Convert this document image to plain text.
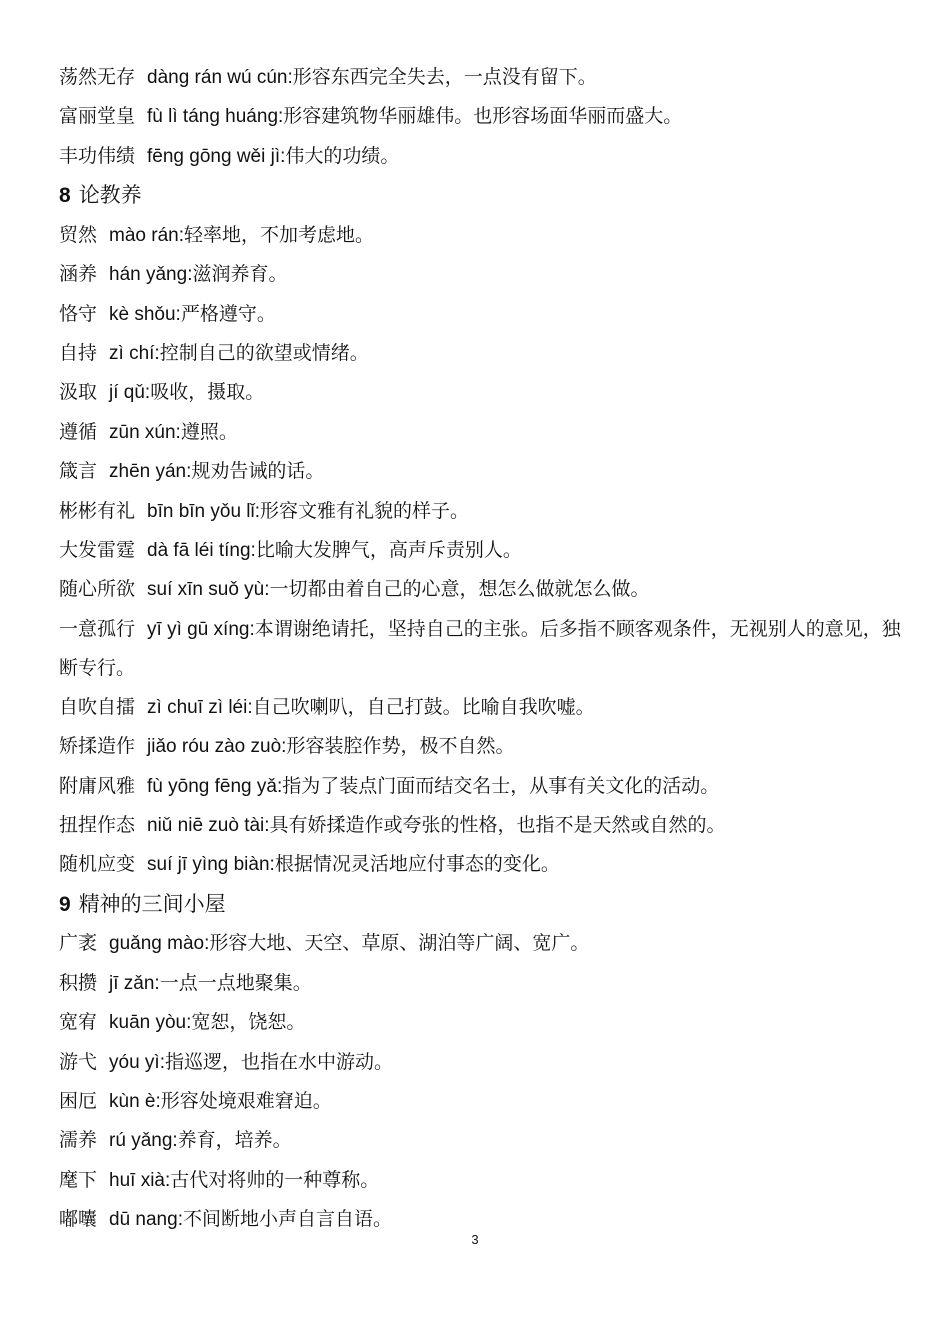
荡然无存 dàng rán wú cún:形容东西完全失去，一点没有留下。

富丽堂皇 fù lì táng huáng:形容建筑物华丽雄伟。也形容场面华丽而盛大。

丰功伟绩 fēng gōng wěi jì:伟大的功绩。

8 论教养

贸然 mào rán:轻率地，不加考虑地。

涵养 hán yǎng:滋润养育。

恪守 kè shǒu:严格遵守。

自持 zì chí:控制自己的欲望或情绪。

汲取 jí qǔ:吸收，摄取。

遵循 zūn xún:遵照。

箴言 zhēn yán:规劝告诫的话。

彬彬有礼 bīn bīn yǒu lǐ:形容文雅有礼貌的样子。

大发雷霆 dà fā léi tíng:比喻大发脾气，高声斥责别人。

随心所欲 suí xīn suǒ yù:一切都由着自己的心意，想怎么做就怎么做。

一意孤行 yī yì gū xíng:本谓谢绝请托，坚持自己的主张。后多指不顾客观条件，无视别人的意见，独断专行。

自吹自擂 zì chuī zì léi:自己吹喇叭，自己打鼓。比喻自我吹嘘。

矫揉造作 jiǎo róu zào zuò:形容装腔作势，极不自然。

附庸风雅 fù yōng fēng yǎ:指为了装点门面而结交名士，从事有关文化的活动。

扭捏作态 niǔ niē zuò tài:具有娇揉造作或夸张的性格，也指不是天然或自然的。

随机应变 suí jī yìng biàn:根据情况灵活地应付事态的变化。

9 精神的三间小屋

广袤 guǎng mào:形容大地、天空、草原、湖泊等广阔、宽广。

积攒 jī zǎn:一点一点地聚集。

宽宥 kuān yòu:宽恕，饶恕。

游弋 yóu yì:指巡逻，也指在水中游动。

困厄 kùn è:形容处境艰难窘迫。

濡养 rú yǎng:养育，培养。

麾下 huī xià:古代对将帅的一种尊称。

嘟囔 dū nang:不间断地小声自言自语。

3
